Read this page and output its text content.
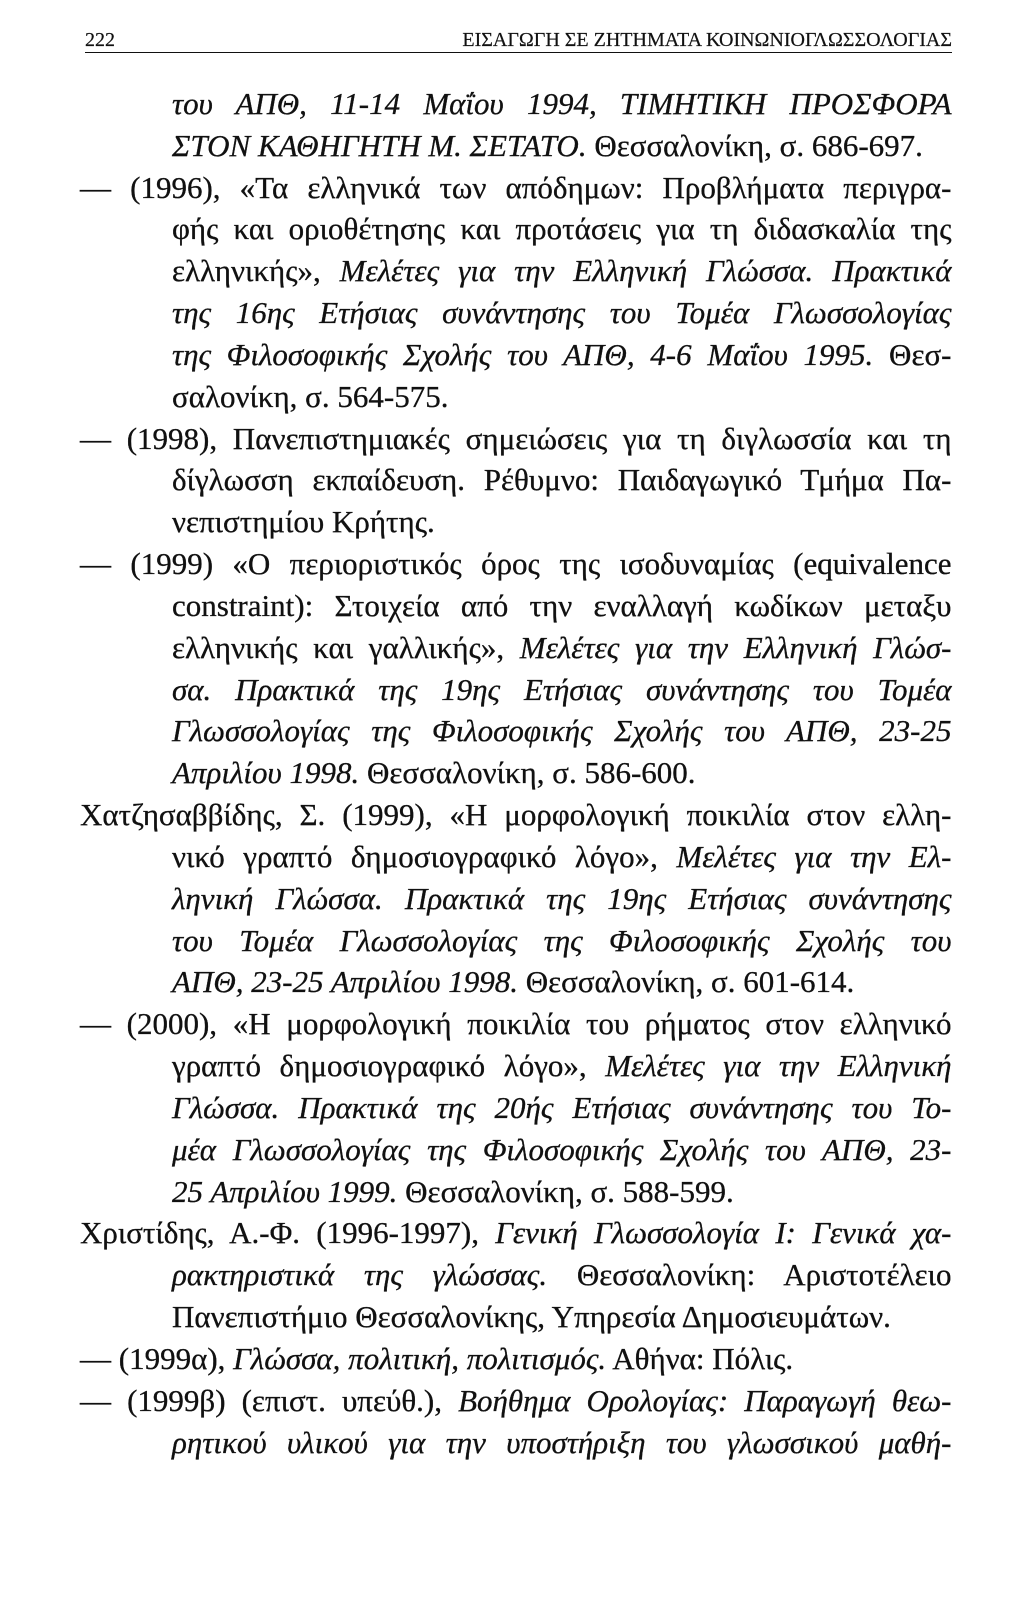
222	ΕΙΣΑΓΩΓΗ ΣΕ ΖΗΤΗΜΑΤΑ ΚΟΙΝΩΝΙΟΓΛΩΣΣΟΛΟΓΙΑΣ
του ΑΠΘ, 11-14 Μαΐου 1994, ΤΙΜΗΤΙΚΗ ΠΡΟΣΦΟΡΑ
ΣΤΟΝ ΚΑΘΗΓΗΤΗ Μ. ΣΕΤΑΤΟ. Θεσσαλονίκη, σ. 686-697.
— (1996), «Τα ελληνικά των απόδημων: Προβλήματα περιγρα-
φής και οριοθέτησης και προτάσεις για τη διδασκαλία της
ελληνικής», Μελέτες για την Ελληνική Γλώσσα. Πρακτικά
της 16ης Ετήσιας συνάντησης του Τομέα Γλωσσολογίας
της Φιλοσοφικής Σχολής του ΑΠΘ, 4-6 Μαΐου 1995. Θεσ-
σαλονίκη, σ. 564-575.
— (1998), Πανεπιστημιακές σημειώσεις για τη διγλωσσία και τη
δίγλωσση εκπαίδευση. Ρέθυμνο: Παιδαγωγικό Τμήμα Πα-
νεπιστημίου Κρήτης.
— (1999) «Ο περιοριστικός όρος της ισοδυναμίας (equivalence
constraint): Στοιχεία από την εναλλαγή κωδίκων μεταξυ
ελληνικής και γαλλικής», Μελέτες για την Ελληνική Γλώσ-
σα. Πρακτικά της 19ης Ετήσιας συνάντησης του Τομέα
Γλωσσολογίας της Φιλοσοφικής Σχολής του ΑΠΘ, 23-25
Απριλίου 1998. Θεσσαλονίκη, σ. 586-600.
Χατζησαββίδης, Σ. (1999), «Η μορφολογική ποικιλία στον ελλη-
νικό γραπτό δημοσιογραφικό λόγο», Μελέτες για την Ελ-
ληνική Γλώσσα. Πρακτικά της 19ης Ετήσιας συνάντησης
του Τομέα Γλωσσολογίας της Φιλοσοφικής Σχολής του
ΑΠΘ, 23-25 Απριλίου 1998. Θεσσαλονίκη, σ. 601-614.
— (2000), «Η μορφολογική ποικιλία του ρήματος στον ελληνικό
γραπτό δημοσιογραφικό λόγο», Μελέτες για την Ελληνική
Γλώσσα. Πρακτικά της 20ής Ετήσιας συνάντησης του Το-
μέα Γλωσσολογίας της Φιλοσοφικής Σχολής του ΑΠΘ, 23-
25 Απριλίου 1999. Θεσσαλονίκη, σ. 588-599.
Χριστίδης, Α.-Φ. (1996-1997), Γενική Γλωσσολογία Ι: Γενικά χα-
ρακτηριστικά της γλώσσας. Θεσσαλονίκη: Αριστοτέλειο
Πανεπιστήμιο Θεσσαλονίκης, Υπηρεσία Δημοσιευμάτων.
— (1999α), Γλώσσα, πολιτική, πολιτισμός. Αθήνα: Πόλις.
— (1999β) (επιστ. υπεύθ.), Βοήθημα Ορολογίας: Παραγωγή θεω-
ρητικού υλικού για την υποστήριξη του γλωσσικού μαθή-
